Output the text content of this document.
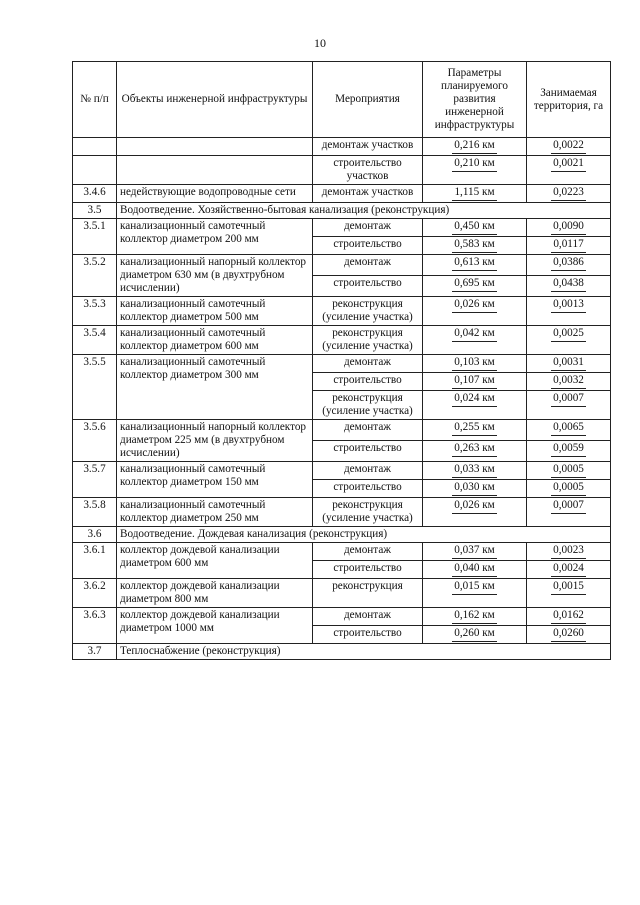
10
№ п/п	Объекты инженерной инфраструктуры	Мероприятия	Параметры планируемого развития инженерной инфраструктуры	Занимаемая территория, га
		демонтаж участков	0,216 км	0,0022
		строительство участков	0,210 км	0,0021
3.4.6	недействующие водопроводные сети	демонтаж участков	1,115 км	0,0223
3.5	Водоотведение. Хозяйственно-бытовая канализация (реконструкция)			
3.5.1	канализационный самотечный коллектор диаметром 200 мм	демонтаж	0,450 км	0,0090
		строительство	0,583 км	0,0117
3.5.2	канализационный напорный коллектор диаметром 630 мм (в двухтрубном исчислении)	демонтаж	0,613 км	0,0386
		строительство	0,695 км	0,0438
3.5.3	канализационный самотечный коллектор диаметром 500 мм	реконструкция (усиление участка)	0,026 км	0,0013
3.5.4	канализационный самотечный коллектор диаметром 600 мм	реконструкция (усиление участка)	0,042 км	0,0025
3.5.5	канализационный самотечный коллектор диаметром 300 мм	демонтаж	0,103 км	0,0031
		строительство	0,107 км	0,0032
		реконструкция (усиление участка)	0,024 км	0,0007
3.5.6	канализационный напорный коллектор диаметром 225 мм (в двухтрубном исчислении)	демонтаж	0,255 км	0,0065
		строительство	0,263 км	0,0059
3.5.7	канализационный самотечный коллектор диаметром 150 мм	демонтаж	0,033 км	0,0005
		строительство	0,030 км	0,0005
3.5.8	канализационный самотечный коллектор диаметром 250 мм	реконструкция (усиление участка)	0,026 км	0,0007
3.6	Водоотведение. Дождевая канализация (реконструкция)			
3.6.1	коллектор дождевой канализации диаметром 600 мм	демонтаж	0,037 км	0,0023
		строительство	0,040 км	0,0024
3.6.2	коллектор дождевой канализации диаметром 800 мм	реконструкция	0,015 км	0,0015
3.6.3	коллектор дождевой канализации диаметром 1000 мм	демонтаж	0,162 км	0,0162
		строительство	0,260 км	0,0260
3.7	Теплоснабжение (реконструкция)			
